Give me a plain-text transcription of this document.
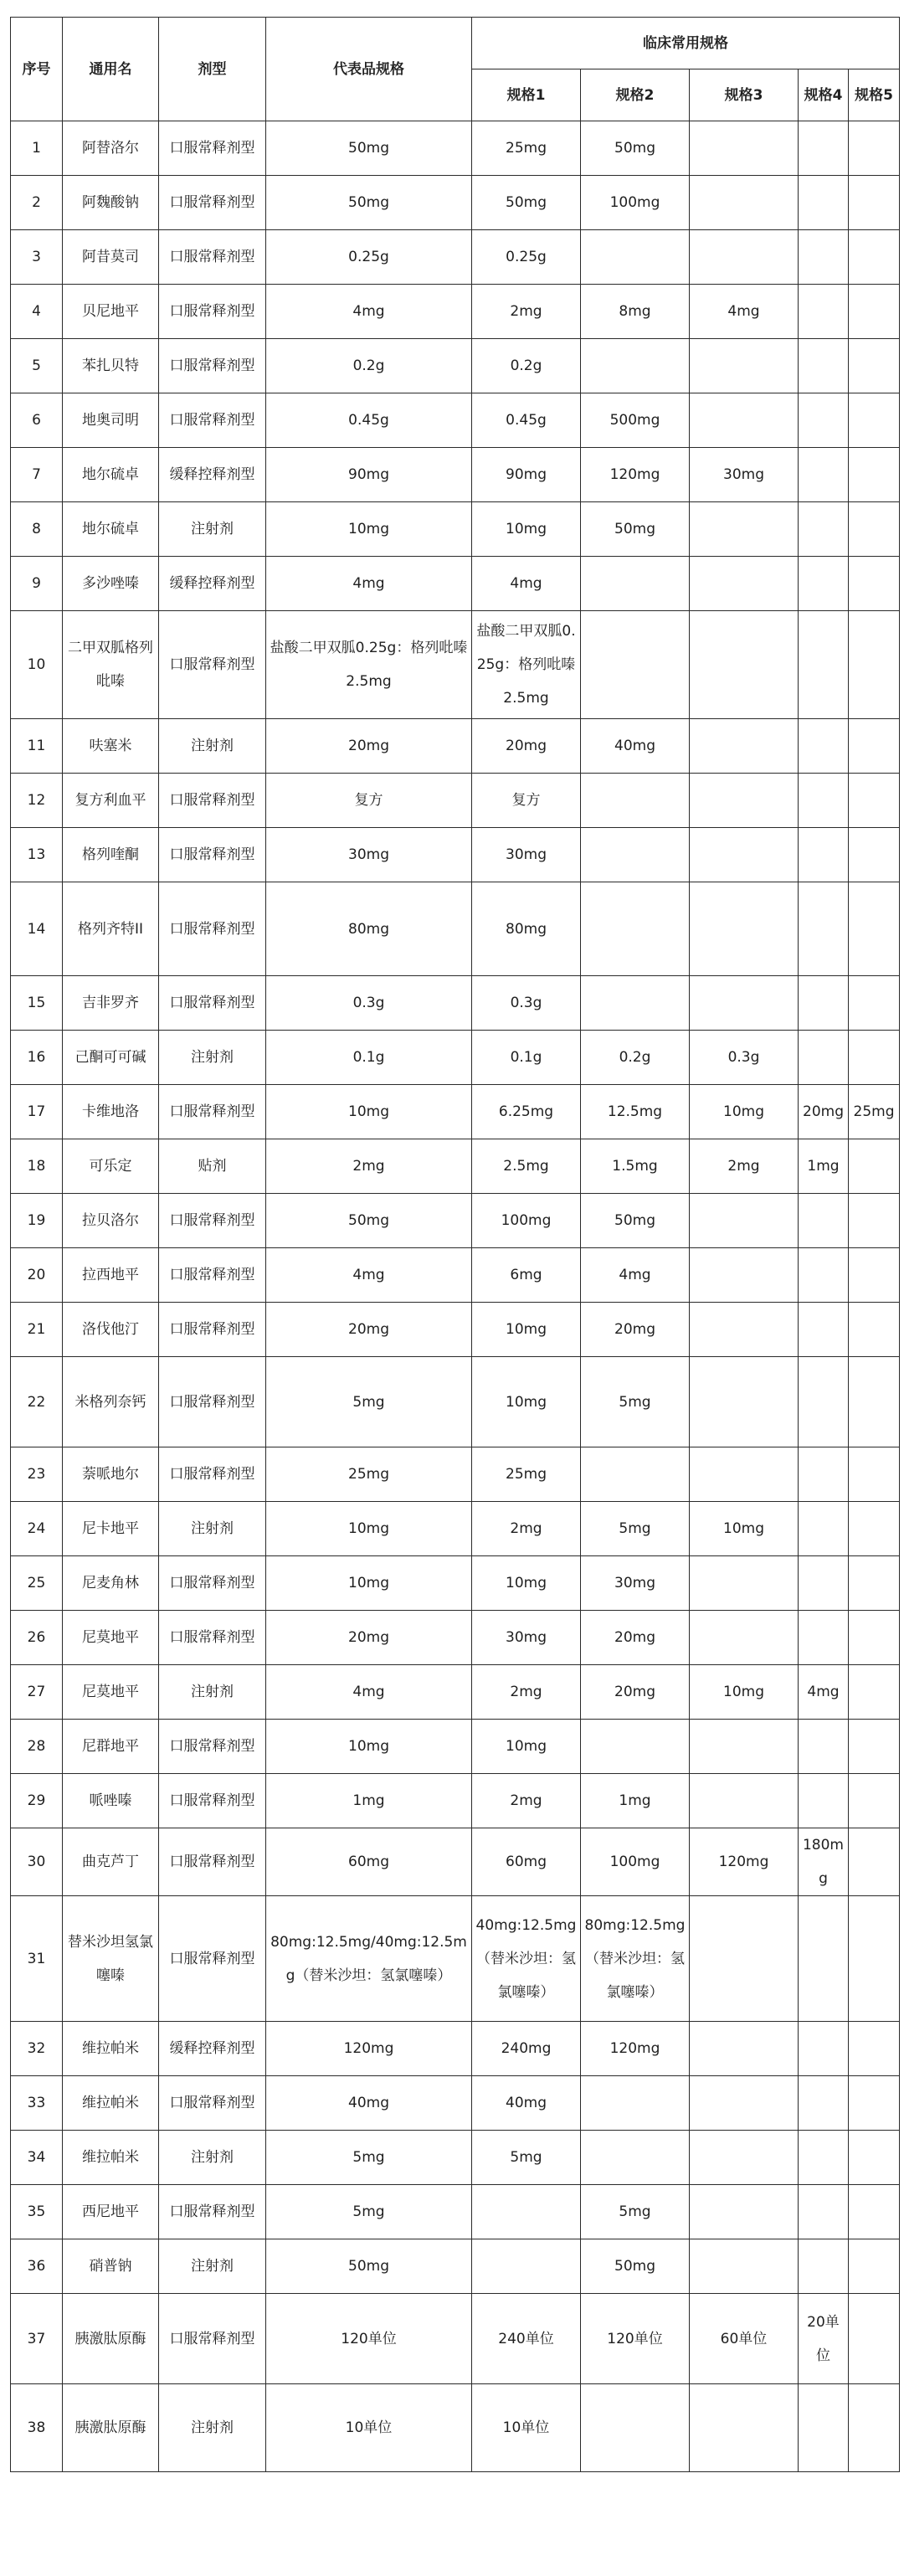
序号	通用名	剂型	代表品规格	临床常用规格				
				规格1	规格2	规格3	规格4	规格5
1	阿替洛尔	口服常释剂型	50mg	25mg	50mg			
2	阿魏酸钠	口服常释剂型	50mg	50mg	100mg			
3	阿昔莫司	口服常释剂型	0.25g	0.25g				
4	贝尼地平	口服常释剂型	4mg	2mg	8mg	4mg		
5	苯扎贝特	口服常释剂型	0.2g	0.2g				
6	地奥司明	口服常释剂型	0.45g	0.45g	500mg			
7	地尔硫卓	缓释控释剂型	90mg	90mg	120mg	30mg		
8	地尔硫卓	注射剂	10mg	10mg	50mg			
9	多沙唑嗪	缓释控释剂型	4mg	4mg				
10	二甲双胍格列吡嗪	口服常释剂型	盐酸二甲双胍0.25g：格列吡嗪2.5mg	盐酸二甲双胍0.25g：格列吡嗪2.5mg				
11	呋塞米	注射剂	20mg	20mg	40mg			
12	复方利血平	口服常释剂型	复方	复方				
13	格列喹酮	口服常释剂型	30mg	30mg				
14	格列齐特II	口服常释剂型	80mg	80mg				
15	吉非罗齐	口服常释剂型	0.3g	0.3g				
16	己酮可可碱	注射剂	0.1g	0.1g	0.2g	0.3g		
17	卡维地洛	口服常释剂型	10mg	6.25mg	12.5mg	10mg	20mg	25mg
18	可乐定	贴剂	2mg	2.5mg	1.5mg	2mg	1mg	
19	拉贝洛尔	口服常释剂型	50mg	100mg	50mg			
20	拉西地平	口服常释剂型	4mg	6mg	4mg			
21	洛伐他汀	口服常释剂型	20mg	10mg	20mg			
22	米格列奈钙	口服常释剂型	5mg	10mg	5mg			
23	萘哌地尔	口服常释剂型	25mg	25mg				
24	尼卡地平	注射剂	10mg	2mg	5mg	10mg		
25	尼麦角林	口服常释剂型	10mg	10mg	30mg			
26	尼莫地平	口服常释剂型	20mg	30mg	20mg			
27	尼莫地平	注射剂	4mg	2mg	20mg	10mg	4mg	
28	尼群地平	口服常释剂型	10mg	10mg				
29	哌唑嗪	口服常释剂型	1mg	2mg	1mg			
30	曲克芦丁	口服常释剂型	60mg	60mg	100mg	120mg	180mg	
31	替米沙坦氢氯噻嗪	口服常释剂型	80mg:12.5mg/40mg:12.5mg（替米沙坦：氢氯噻嗪）	40mg:12.5mg（替米沙坦：氢氯噻嗪）	80mg:12.5mg（替米沙坦：氢氯噻嗪）			
32	维拉帕米	缓释控释剂型	120mg	240mg	120mg			
33	维拉帕米	口服常释剂型	40mg	40mg				
34	维拉帕米	注射剂	5mg	5mg				
35	西尼地平	口服常释剂型	5mg		5mg			
36	硝普钠	注射剂	50mg		50mg			
37	胰激肽原酶	口服常释剂型	120单位	240单位	120单位	60单位	20单位	
38	胰激肽原酶	注射剂	10单位	10单位				
